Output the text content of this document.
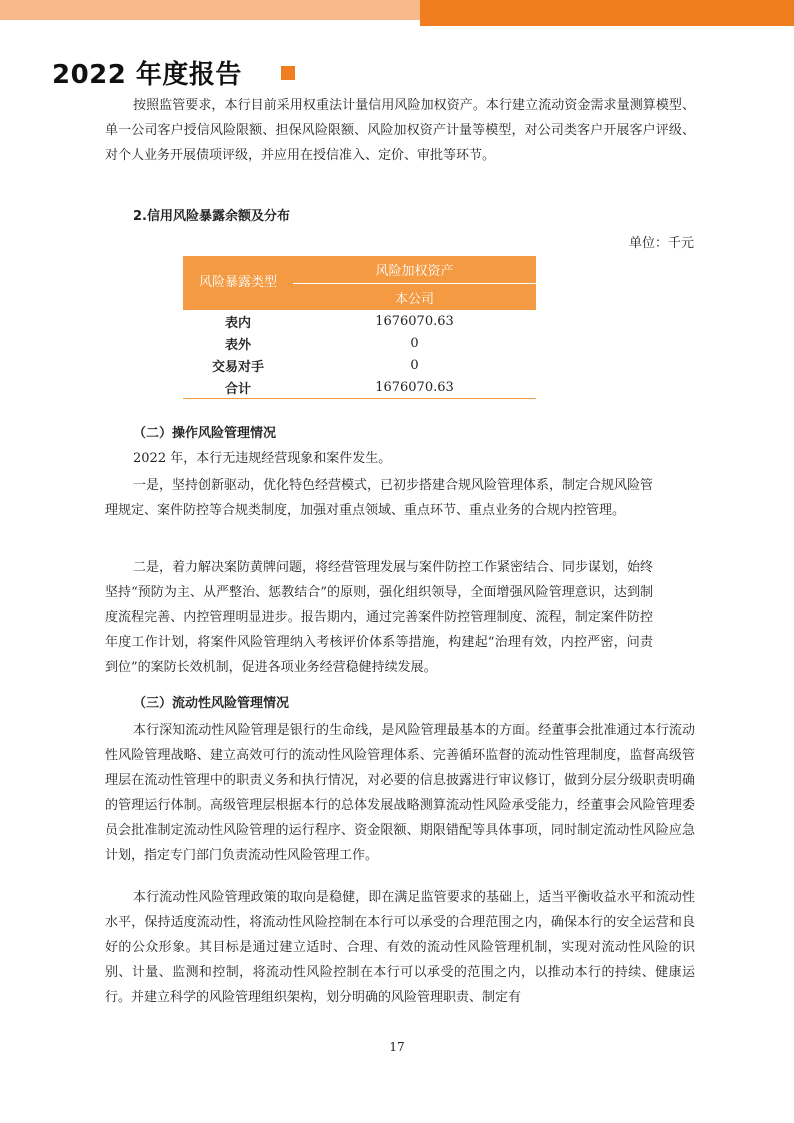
2022 年度报告

按照监管要求，本行目前采用权重法计量信用风险加权资产。本行建立流动资金需求量测算模型、单一公司客户授信风险限额、担保风险限额、风险加权资产计量等模型，对公司类客户开展客户评级、对个人业务开展债项评级，并应用在授信准入、定价、审批等环节。

2.信用风险暴露余额及分布
单位：千元
风险暴露类型	风险加权资产
	本公司
表内	1676070.63
表外	0
交易对手	0
合计	1676070.63
（二）操作风险管理情况

2022 年，本行无违规经营现象和案件发生。

一是，坚持创新驱动，优化特色经营模式，已初步搭建合规风险管理体系，制定合规风险管理规定、案件防控等合规类制度，加强对重点领域、重点环节、重点业务的合规内控管理。

二是，着力解决案防黄牌问题，将经营管理发展与案件防控工作紧密结合、同步谋划，始终坚持“预防为主、从严整治、惩教结合”的原则，强化组织领导，全面增强风险管理意识，达到制度流程完善、内控管理明显进步。报告期内，通过完善案件防控管理制度、流程，制定案件防控年度工作计划，将案件风险管理纳入考核评价体系等措施，构建起“治理有效，内控严密，问责到位”的案防长效机制，促进各项业务经营稳健持续发展。

（三）流动性风险管理情况

本行深知流动性风险管理是银行的生命线，是风险管理最基本的方面。经董事会批准通过本行流动性风险管理战略、建立高效可行的流动性风险管理体系、完善循环监督的流动性管理制度，监督高级管理层在流动性管理中的职责义务和执行情况，对必要的信息披露进行审议修订，做到分层分级职责明确的管理运行体制。高级管理层根据本行的总体发展战略测算流动性风险承受能力，经董事会风险管理委员会批准制定流动性风险管理的运行程序、资金限额、期限错配等具体事项，同时制定流动性风险应急计划，指定专门部门负责流动性风险管理工作。

本行流动性风险管理政策的取向是稳健，即在满足监管要求的基础上，适当平衡收益水平和流动性水平，保持适度流动性，将流动性风险控制在本行可以承受的合理范围之内，确保本行的安全运营和良好的公众形象。其目标是通过建立适时、合理、有效的流动性风险管理机制，实现对流动性风险的识别、计量、监测和控制，将流动性风险控制在本行可以承受的范围之内，以推动本行的持续、健康运行。并建立科学的风险管理组织架构，划分明确的风险管理职责、制定有

17
